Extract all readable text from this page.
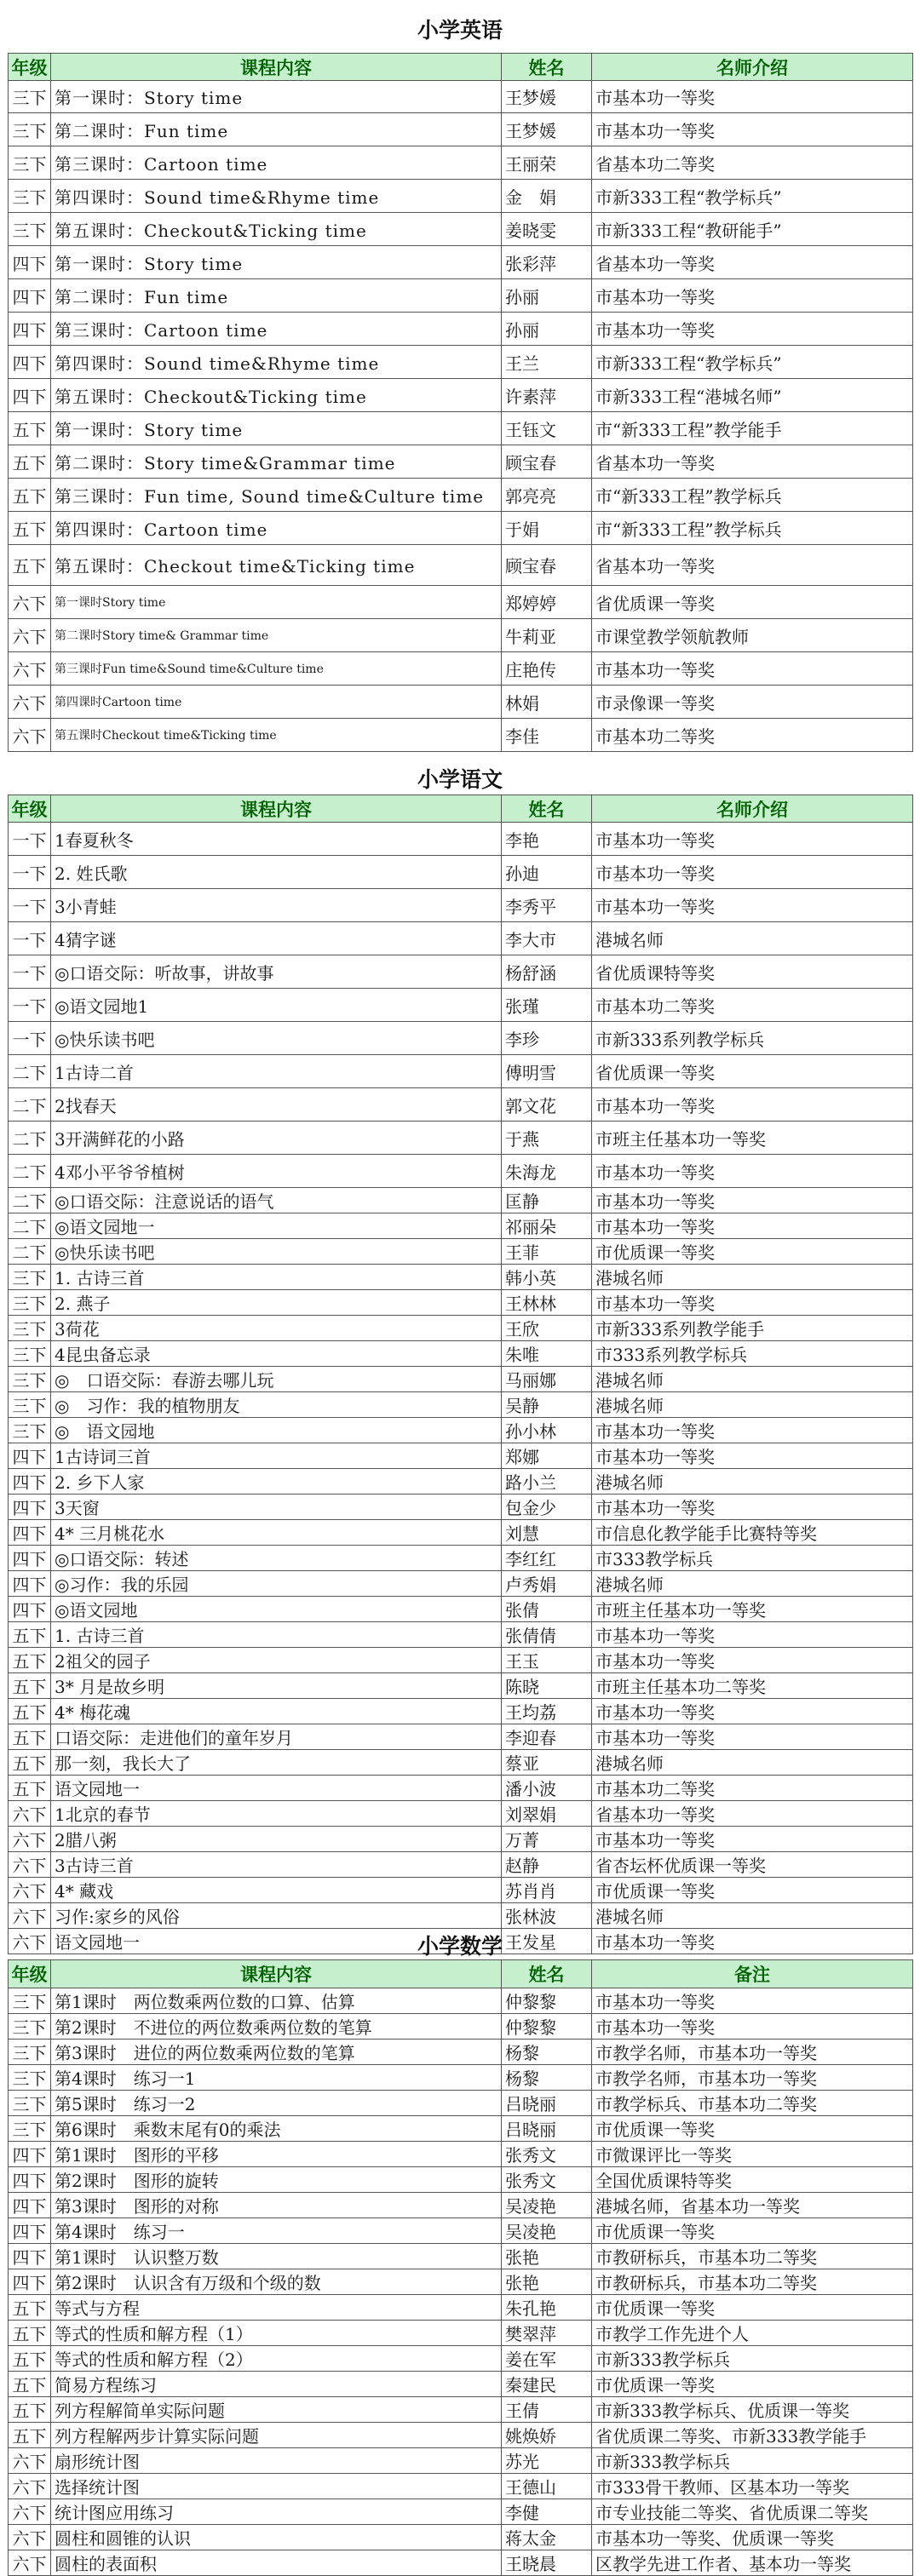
小学英语
年级	课程内容	姓名	名师介绍
三下	第一课时：Story time	王梦媛	市基本功一等奖
三下	第二课时：Fun time	王梦媛	市基本功一等奖
三下	第三课时：Cartoon time	王丽荣	省基本功二等奖
三下	第四课时：Sound time&Rhyme time	金　娟	市新333工程“教学标兵”
三下	第五课时：Checkout&Ticking time	姜晓雯	市新333工程“教研能手”
四下	第一课时：Story time	张彩萍	省基本功一等奖
四下	第二课时：Fun time	孙丽	市基本功一等奖
四下	第三课时：Cartoon time	孙丽	市基本功一等奖
四下	第四课时：Sound time&Rhyme time	王兰	市新333工程“教学标兵”
四下	第五课时：Checkout&Ticking time	许素萍	市新333工程“港城名师”
五下	第一课时：Story time	王钰文	市“新333工程”教学能手
五下	第二课时：Story time&Grammar time	顾宝春	省基本功一等奖
五下	第三课时：Fun time, Sound time&Culture time	郭亮亮	市“新333工程”教学标兵
五下	第四课时：Cartoon time	于娟	市“新333工程”教学标兵
五下	第五课时：Checkout time&Ticking time	顾宝春	省基本功一等奖
六下	第一课时Story time	郑婷婷	省优质课一等奖
六下	第二课时Story time& Grammar time	牛莉亚	市课堂教学领航教师
六下	第三课时Fun time&Sound time&Culture time	庄艳传	市基本功一等奖
六下	第四课时Cartoon time	林娟	市录像课一等奖
六下	第五课时Checkout time&Ticking time	李佳	市基本功二等奖
小学语文
年级	课程内容	姓名	名师介绍
一下	1春夏秋冬	李艳	市基本功一等奖
一下	2. 姓氏歌	孙迪	市基本功一等奖
一下	3小青蛙	李秀平	市基本功一等奖
一下	4猜字谜	李大市	港城名师
一下	◎口语交际：听故事，讲故事	杨舒涵	省优质课特等奖
一下	◎语文园地1	张瑾	市基本功二等奖
一下	◎快乐读书吧	李珍	市新333系列教学标兵
二下	1古诗二首	傅明雪	省优质课一等奖
二下	2找春天	郭文花	市基本功一等奖
二下	3开满鲜花的小路	于燕	市班主任基本功一等奖
二下	4邓小平爷爷植树	朱海龙	市基本功一等奖
二下	◎口语交际：注意说话的语气	匡静	市基本功一等奖
二下	◎语文园地一	祁丽朵	市基本功一等奖
二下	◎快乐读书吧	王菲	市优质课一等奖
三下	1. 古诗三首	韩小英	港城名师
三下	2. 燕子	王林林	市基本功一等奖
三下	3荷花	王欣	市新333系列教学能手
三下	4昆虫备忘录	朱唯	市333系列教学标兵
三下	◎　口语交际：春游去哪儿玩	马丽娜	港城名师
三下	◎　习作：我的植物朋友	吴静	港城名师
三下	◎　语文园地	孙小林	市基本功一等奖
四下	1古诗词三首	郑娜	市基本功一等奖
四下	2. 乡下人家	路小兰	港城名师
四下	3天窗	包金少	市基本功一等奖
四下	4* 三月桃花水	刘慧	市信息化教学能手比赛特等奖
四下	◎口语交际：转述	李红红	市333教学标兵
四下	◎习作：我的乐园	卢秀娟	港城名师
四下	◎语文园地	张倩	市班主任基本功一等奖
五下	1. 古诗三首	张倩倩	市基本功一等奖
五下	2祖父的园子	王玉	市基本功一等奖
五下	3* 月是故乡明	陈晓	市班主任基本功二等奖
五下	4* 梅花魂	王均荔	市基本功一等奖
五下	口语交际：走进他们的童年岁月	李迎春	市基本功一等奖
五下	那一刻，我长大了	蔡亚	港城名师
五下	语文园地一	潘小波	市基本功二等奖
六下	1北京的春节	刘翠娟	省基本功一等奖
六下	2腊八粥	万菁	市基本功一等奖
六下	3古诗三首	赵静	省杏坛杯优质课一等奖
六下	4* 藏戏	苏肖肖	市优质课一等奖
六下	习作:家乡的风俗	张林波	港城名师
六下	语文园地一	王发星	市基本功一等奖
小学数学
年级	课程内容	姓名	备注
三下	第1课时　两位数乘两位数的口算、估算	仲黎黎	市基本功一等奖
三下	第2课时　不进位的两位数乘两位数的笔算	仲黎黎	市基本功一等奖
三下	第3课时　进位的两位数乘两位数的笔算	杨黎	市教学名师，市基本功一等奖
三下	第4课时　练习一1	杨黎	市教学名师，市基本功一等奖
三下	第5课时　练习一2	吕晓丽	市教学标兵、市基本功二等奖
三下	第6课时　乘数末尾有0的乘法	吕晓丽	市优质课一等奖
四下	第1课时　图形的平移	张秀文	市微课评比一等奖
四下	第2课时　图形的旋转	张秀文	全国优质课特等奖
四下	第3课时　图形的对称	吴凌艳	港城名师，省基本功一等奖
四下	第4课时　练习一	吴凌艳	市优质课一等奖
四下	第1课时　认识整万数	张艳	市教研标兵，市基本功二等奖
四下	第2课时　认识含有万级和个级的数	张艳	市教研标兵，市基本功二等奖
五下	等式与方程	朱孔艳	市优质课一等奖
五下	等式的性质和解方程（1）	樊翠萍	市教学工作先进个人
五下	等式的性质和解方程（2）	姜在军	市新333教学标兵
五下	简易方程练习	秦建民	市优质课一等奖
五下	列方程解简单实际问题	王倩	市新333教学标兵、优质课一等奖
五下	列方程解两步计算实际问题	姚焕娇	省优质课二等奖、市新333教学能手
六下	扇形统计图	苏光	市新333教学标兵
六下	选择统计图	王德山	市333骨干教师、区基本功一等奖
六下	统计图应用练习	李健	市专业技能二等奖、省优质课二等奖
六下	圆柱和圆锥的认识	蒋太金	市基本功一等奖、优质课一等奖
六下	圆柱的表面积	王晓晨	区教学先进工作者、基本功一等奖
